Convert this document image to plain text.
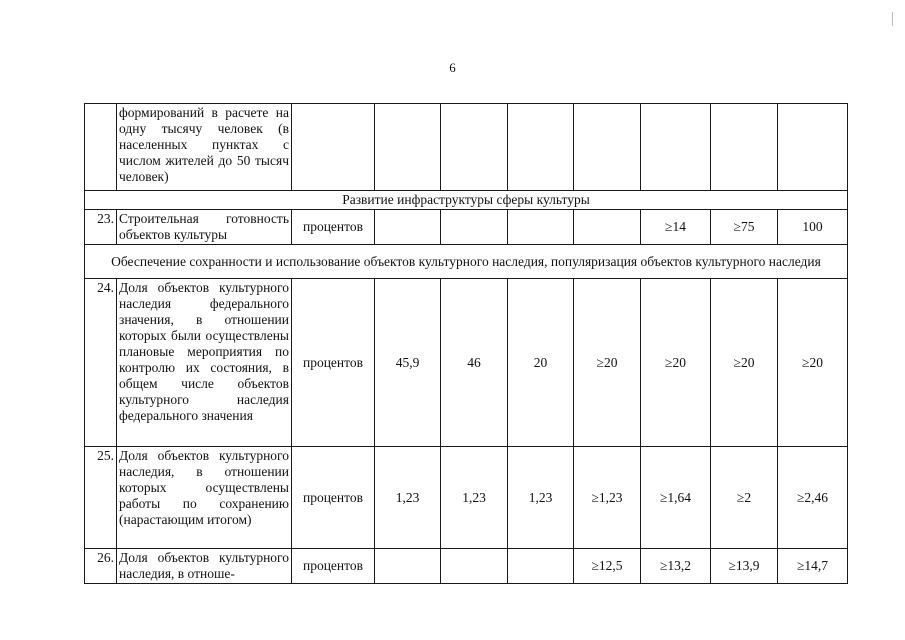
6
	формирований в расчете на одну тысячу человек (в населенных пунктах с числом жителей до 50 тысяч человек)								
Развитие инфраструктуры сферы культуры									
23.	Строительная готовность объектов культуры	процентов					≥14	≥75	100
Обеспечение сохранности и использование объектов культурного наследия, популяризация объектов культурного наследия									
24.	Доля объектов культурного наследия федерального значения, в отношении которых были осуществлены плановые мероприятия по контролю их состояния, в общем числе объектов культурного наследия федерального значения	процентов	45,9	46	20	≥20	≥20	≥20	≥20
25.	Доля объектов культурного наследия, в отношении которых осуществлены работы по сохранению (нарастающим итогом)	процентов	1,23	1,23	1,23	≥1,23	≥1,64	≥2	≥2,46
26.	Доля объектов культурного наследия, в отноше-	процентов				≥12,5	≥13,2	≥13,9	≥14,7
